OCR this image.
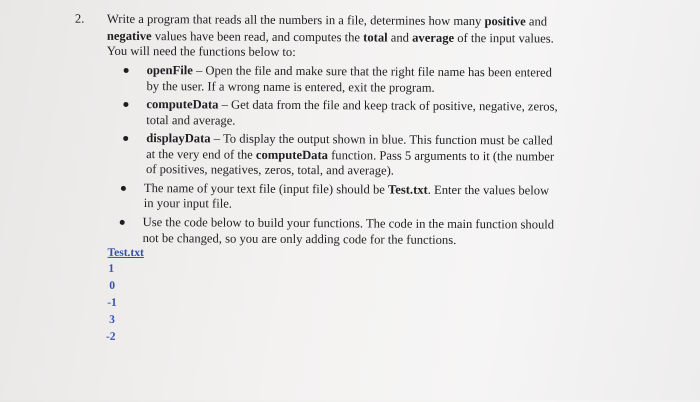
2. Write a program that reads all the numbers in a file, determines how many positive and
negative values have been read, and computes the total and average of the input values.
You will need the functions below to:
openFile – Open the file and make sure that the right file name has been entered
by the user. If a wrong name is entered, exit the program.
computeData – Get data from the file and keep track of positive, negative, zeros,
total and average.
displayData – To display the output shown in blue. This function must be called
at the very end of the computeData function. Pass 5 arguments to it (the number
of positives, negatives, zeros, total, and average).
The name of your text file (input file) should be Test.txt. Enter the values below
in your input file.
Use the code below to build your functions. The code in the main function should
not be changed, so you are only adding code for the functions.
Test.txt
1
0
-1
3
-2
